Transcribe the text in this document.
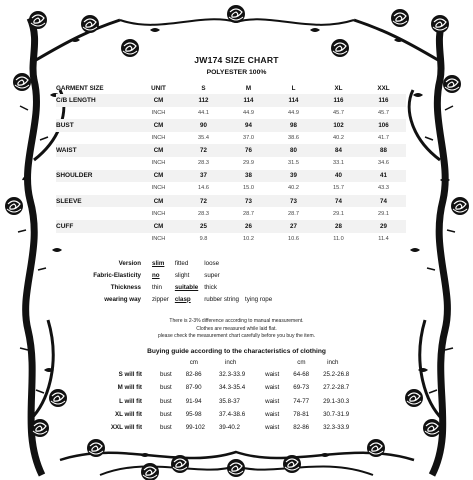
JW174 SIZE CHART
POLYESTER 100%
GARMENT SIZE	UNIT	S	M	L	XL	XXL
C/B LENGTH	CM	112	114	114	116	116
	INCH	44.1	44.9	44.9	45.7	45.7
BUST	CM	90	94	98	102	106
	INCH	35.4	37.0	38.6	40.2	41.7
WAIST	CM	72	76	80	84	88
	INCH	28.3	29.9	31.5	33.1	34.6
SHOULDER	CM	37	38	39	40	41
	INCH	14.6	15.0	40.2	15.7	43.3
SLEEVE	CM	72	73	73	74	74
	INCH	28.3	28.7	28.7	29.1	29.1
CUFF	CM	25	26	27	28	29
	INCH	9.8	10.2	10.6	11.0	11.4
Version	slim	fitted	loose	
Fabric-Elasticity	no	slight	super	
Thickness	thin	suitable	thick	
wearing way	zipper	clasp	rubber string	tying rope
There is 2-3% difference according to manual measurement.
Clothes are measured while laid flat.
please check the measurement chart carefully before you buy the item.
Buying guide according to the characteristics of clothing
		cm	inch		cm	inch
S will fit	bust	82-86	32.3-33.9	waist	64-68	25.2-26.8
M will fit	bust	87-90	34.3-35.4	waist	69-73	27.2-28.7
L will fit	bust	91-94	35.8-37	waist	74-77	29.1-30.3
XL will fit	bust	95-98	37.4-38.6	waist	78-81	30.7-31.9
XXL will fit	bust	99-102	39-40.2	waist	82-86	32.3-33.9
